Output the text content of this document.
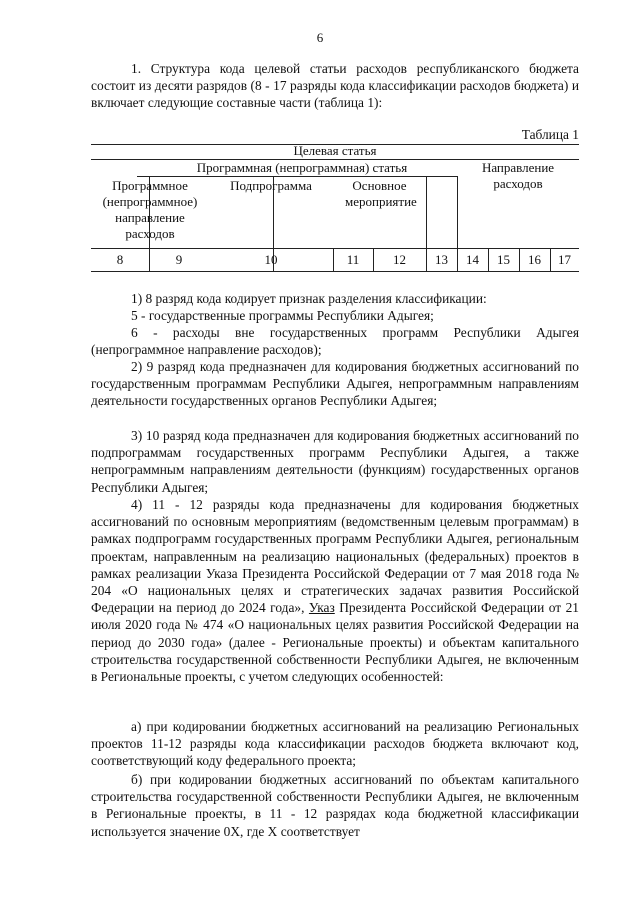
6

1. Структура кода целевой статьи расходов республиканского бюджета состоит из десяти разрядов (8 - 17 разряды кода классификации расходов бюджета) и включает следующие составные части (таблица 1):

Таблица 1
Целевая статья
Программная (непрограммная) статья	Направление расходов
Программное (непрограммное) направление расходов
Подпрограмма	Основное мероприятие
8	9	10	11	12	13	14	15	16	17

1) 8 разряд кода кодирует признак разделения классификации:

5 - государственные программы Республики Адыгея;

6 - расходы вне государственных программ Республики Адыгея (непрограммное направление расходов);

2) 9 разряд кода предназначен для кодирования бюджетных ассигнований по государственным программам Республики Адыгея, непрограммным направлениям деятельности государственных органов Республики Адыгея;

3) 10 разряд кода предназначен для кодирования бюджетных ассигнований по подпрограммам государственных программ Республики Адыгея, а также непрограммным направлениям деятельности (функциям) государственных органов Республики Адыгея;

4) 11 - 12 разряды кода предназначены для кодирования бюджетных ассигнований по основным мероприятиям (ведомственным целевым программам) в рамках подпрограмм государственных программ Республики Адыгея, региональным проектам, направленным на реализацию национальных (федеральных) проектов в рамках реализации Указа Президента Российской Федерации от 7 мая 2018 года № 204 «О национальных целях и стратегических задачах развития Российской Федерации на период до 2024 года», Указ Президента Российской Федерации от 21 июля 2020 года № 474 «О национальных целях развития Российской Федерации на период до 2030 года» (далее - Региональные проекты) и объектам капитального строительства государственной собственности Республики Адыгея, не включенным в Региональные проекты, с учетом следующих особенностей:

a) при кодировании бюджетных ассигнований на реализацию Региональных проектов 11-12 разряды кода классификации расходов бюджета включают код, соответствующий коду федерального проекта;

б) при кодировании бюджетных ассигнований по объектам капитального строительства государственной собственности Республики Адыгея, не включенным в Региональные проекты, в 11 - 12 разрядах кода бюджетной классификации используется значение 0Х, где Х соответствует
